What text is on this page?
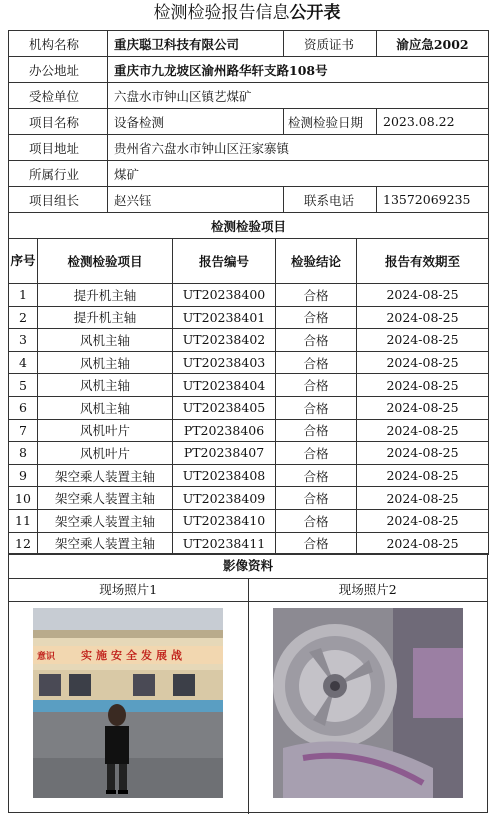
检测检验报告信息公开表
机构名称	重庆聪卫科技有限公司	资质证书	渝应急2002
办公地址	重庆市九龙坡区渝州路华轩支路108号		
受检单位	六盘水市钟山区镇艺煤矿		
项目名称	设备检测	检测检验日期	2023.08.22
项目地址	贵州省六盘水市钟山区汪家寨镇		
所属行业	煤矿		
项目组长	赵兴钰	联系电话	13572069235
检测检验项目			
序号	检测检验项目	报告编号	检验结论	报告有效期至
1	提升机主轴	UT20238400	合格	2024-08-25
2	提升机主轴	UT20238401	合格	2024-08-25
3	风机主轴	UT20238402	合格	2024-08-25
4	风机主轴	UT20238403	合格	2024-08-25
5	风机主轴	UT20238404	合格	2024-08-25
6	风机主轴	UT20238405	合格	2024-08-25
7	风机叶片	PT20238406	合格	2024-08-25
8	风机叶片	PT20238407	合格	2024-08-25
9	架空乘人装置主轴	UT20238408	合格	2024-08-25
10	架空乘人装置主轴	UT20238409	合格	2024-08-25
11	架空乘人装置主轴	UT20238410	合格	2024-08-25
12	架空乘人装置主轴	UT20238411	合格	2024-08-25
影像资料
现场照片1	现场照片2
意识 实施安全发展战
